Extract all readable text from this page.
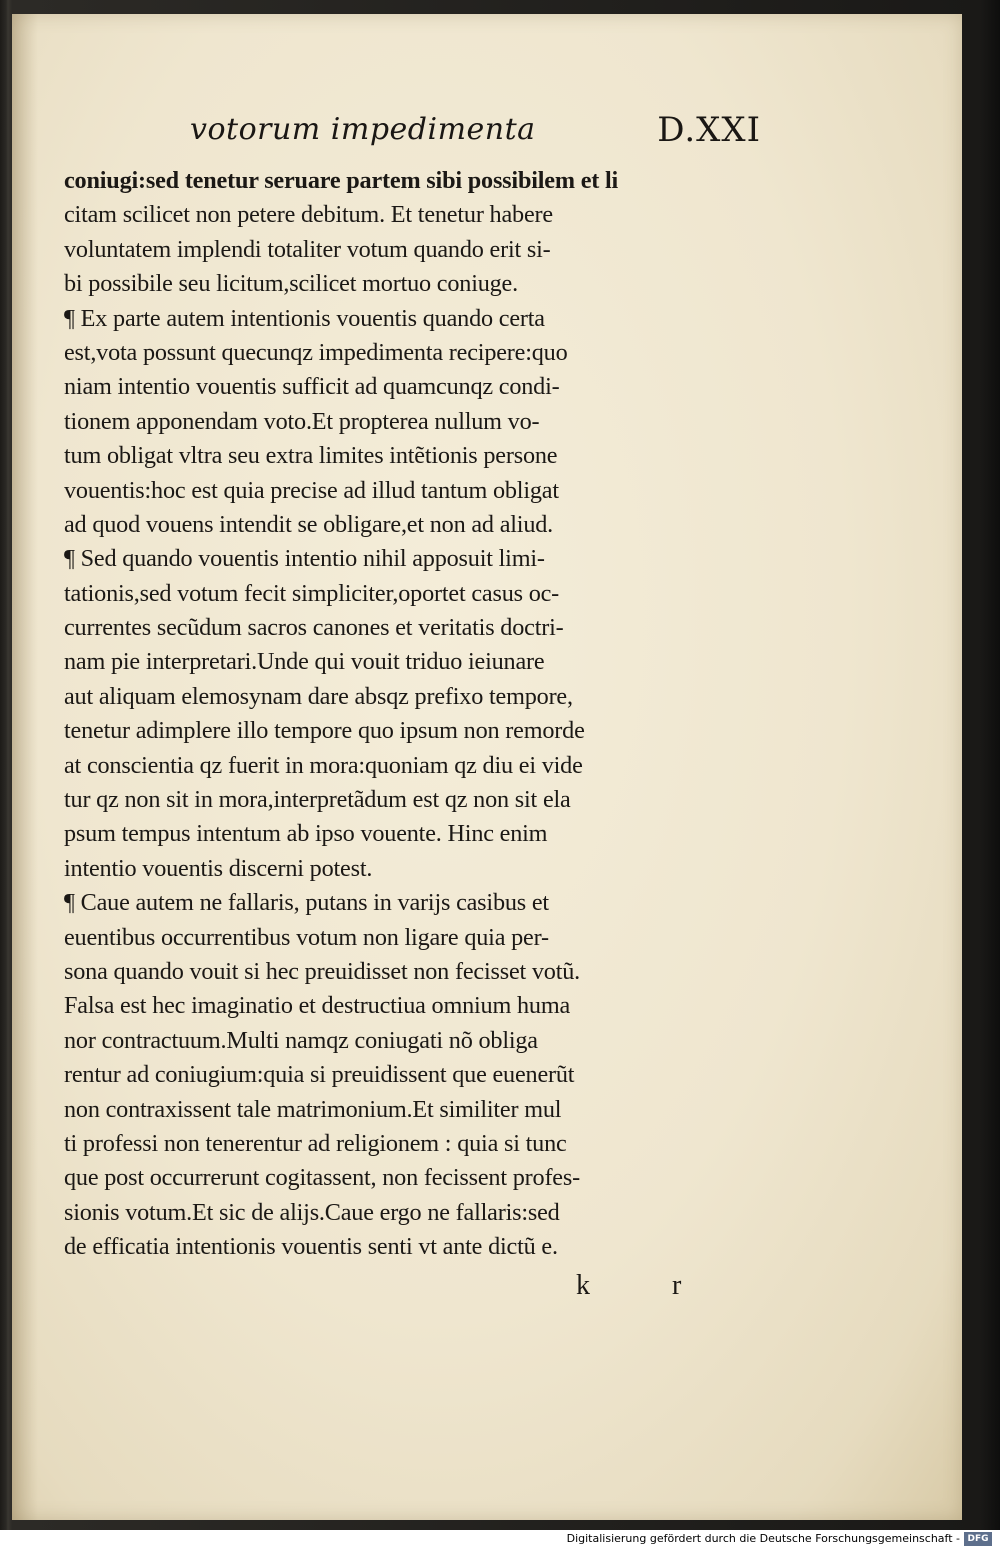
votorum impedimenta	D.XXI
coniugi:sed tenetur seruare partem sibi possibilem et li
citam scilicet non petere debitum. Et tenetur habere
voluntatem implendi totaliter votum quando erit si-
bi possibile seu licitum,scilicet mortuo coniuge.
¶ Ex parte autem intentionis vouentis quando certa
est,vota possunt quecunqz impedimenta recipere:quo
niam intentio vouentis sufficit ad quamcunqz condi-
tionem apponendam voto.Et propterea nullum vo-
tum obligat vltra seu extra limites intẽtionis persone
vouentis:hoc est quia precise ad illud tantum obligat
ad quod vouens intendit se obligare,et non ad aliud.
¶ Sed quando vouentis intentio nihil apposuit limi-
tationis,sed votum fecit simpliciter,oportet casus oc-
currentes secũdum sacros canones et veritatis doctri-
nam pie interpretari.Unde qui vouit triduo ieiunare
aut aliquam elemosynam dare absqz prefixo tempore,
tenetur adimplere illo tempore quo ipsum non remorde
at conscientia qz fuerit in mora:quoniam qz diu ei vide
tur qz non sit in mora,interpretãdum est qz non sit ela
psum tempus intentum ab ipso vouente. Hinc enim
intentio vouentis discerni potest.
¶ Caue autem ne fallaris, putans in varijs casibus et
euentibus occurrentibus votum non ligare quia per-
sona quando vouit si hec preuidisset non fecisset votũ.
Falsa est hec imaginatio et destructiua omnium huma
nor contractuum.Multi namqz coniugati nõ obliga
rentur ad coniugium:quia si preuidissent que euenerũt
non contraxissent tale matrimonium.Et similiter mul
ti professi non tenerentur ad religionem : quia si tunc
que post occurrerunt cogitassent, non fecissent profes-
sionis votum.Et sic de alijs.Caue ergo ne fallaris:sed
de efficatia intentionis vouentis senti vt ante dictũ e.
k	r
Digitalisierung gefördert durch die Deutsche Forschungsgemeinschaft - DFG
